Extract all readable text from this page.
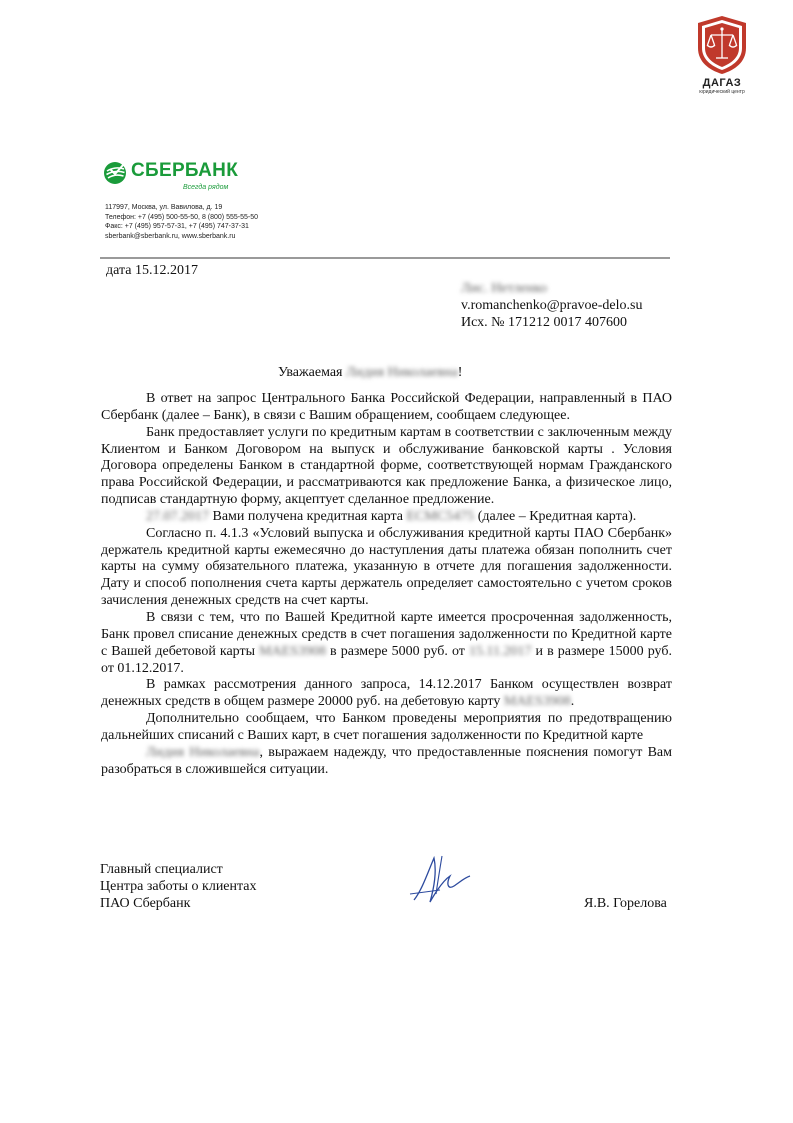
ДАГАЗ
юридический центр
СБЕРБАНК
Всегда рядом
117997, Москва, ул. Вавилова, д. 19
Телефон: +7 (495) 500-55-50, 8 (800) 555-55-50
Факс: +7 (495) 957-57-31, +7 (495) 747-37-31
sberbank@sberbank.ru, www.sberbank.ru
дата 15.12.2017
Лис. Нетленко
v.romanchenko@pravoe-delo.su
Исх. № 171212 0017 407600
Уважаемая Лидия Николаевна!
В ответ на запрос Центрального Банка Российской Федерации, направленный в ПАО Сбербанк (далее – Банк), в связи с Вашим обращением, сообщаем следующее.
Банк предоставляет услуги по кредитным картам в соответствии с заключенным между Клиентом и Банком Договором на выпуск и обслуживание банковской карты . Условия Договора определены Банком в стандартной форме, соответствующей нормам Гражданского права Российской Федерации, и рассматриваются как предложение Банка, а физическое лицо, подписав стандартную форму, акцептует сделанное предложение.
27.07.2017 Вами получена кредитная карта ECMC5475 (далее – Кредитная карта).
Согласно п. 4.1.3 «Условий выпуска и обслуживания кредитной карты ПАО Сбербанк» держатель кредитной карты ежемесячно до наступления даты платежа обязан пополнить счет карты на сумму обязательного платежа, указанную в отчете для погашения задолженности. Дату и способ пополнения счета карты держатель определяет самостоятельно с учетом сроков зачисления денежных средств на счет карты.
В связи с тем, что по Вашей Кредитной карте имеется просроченная задолженность, Банк провел списание денежных средств в счет погашения задолженности по Кредитной карте с Вашей дебетовой карты MAES3908 в размере 5000 руб. от 15.11.2017 и в размере 15000 руб. от 01.12.2017.
В рамках рассмотрения данного запроса, 14.12.2017 Банком осуществлен возврат денежных средств в общем размере 20000 руб. на дебетовую карту MAES3908.
Дополнительно сообщаем, что Банком проведены мероприятия по предотвращению дальнейших списаний с Ваших карт, в счет погашения задолженности по Кредитной карте
Лидия Николаевна, выражаем надежду, что предоставленные пояснения помогут Вам разобраться в сложившейся ситуации.
Главный специалист
Центра заботы о клиентах
ПАО Сбербанк	Я.В. Горелова
